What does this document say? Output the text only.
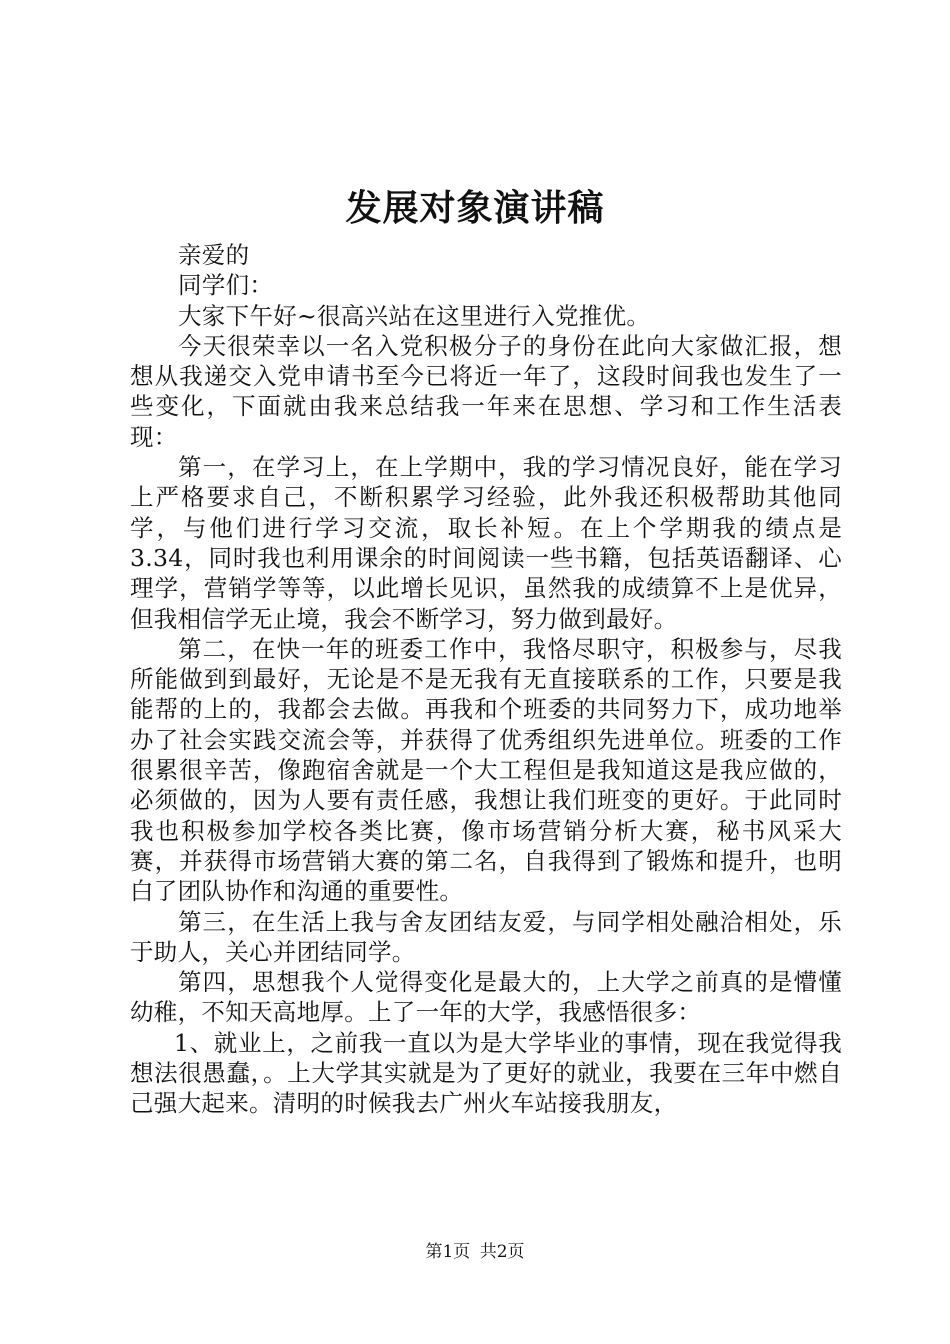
发展对象演讲稿

亲爱的

同学们：

大家下午好~很高兴站在这里进行入党推优。

今天很荣幸以一名入党积极分子的身份在此向大家做汇报，想想从我递交入党申请书至今已将近一年了，这段时间我也发生了一些变化，下面就由我来总结我一年来在思想、学习和工作生活表现：

第一，在学习上，在上学期中，我的学习情况良好，能在学习上严格要求自己，不断积累学习经验，此外我还积极帮助其他同学，与他们进行学习交流，取长补短。在上个学期我的绩点是3.34，同时我也利用课余的时间阅读一些书籍，包括英语翻译、心理学，营销学等等，以此增长见识，虽然我的成绩算不上是优异，但我相信学无止境，我会不断学习，努力做到最好。

第二，在快一年的班委工作中，我恪尽职守，积极参与，尽我所能做到到最好，无论是不是无我有无直接联系的工作，只要是我能帮的上的，我都会去做。再我和个班委的共同努力下，成功地举办了社会实践交流会等，并获得了优秀组织先进单位。班委的工作很累很辛苦，像跑宿舍就是一个大工程但是我知道这是我应做的，必须做的，因为人要有责任感，我想让我们班变的更好。于此同时我也积极参加学校各类比赛，像市场营销分析大赛，秘书风采大赛，并获得市场营销大赛的第二名，自我得到了锻炼和提升，也明白了团队协作和沟通的重要性。

第三，在生活上我与舍友团结友爱，与同学相处融洽相处，乐于助人，关心并团结同学。

第四，思想我个人觉得变化是最大的，上大学之前真的是懵懂幼稚，不知天高地厚。上了一年的大学，我感悟很多：

1、就业上，之前我一直以为是大学毕业的事情，现在我觉得我想法很愚蠢，。上大学其实就是为了更好的就业，我要在三年中燃自己强大起来。清明的时候我去广州火车站接我朋友，

第1页 共2页
